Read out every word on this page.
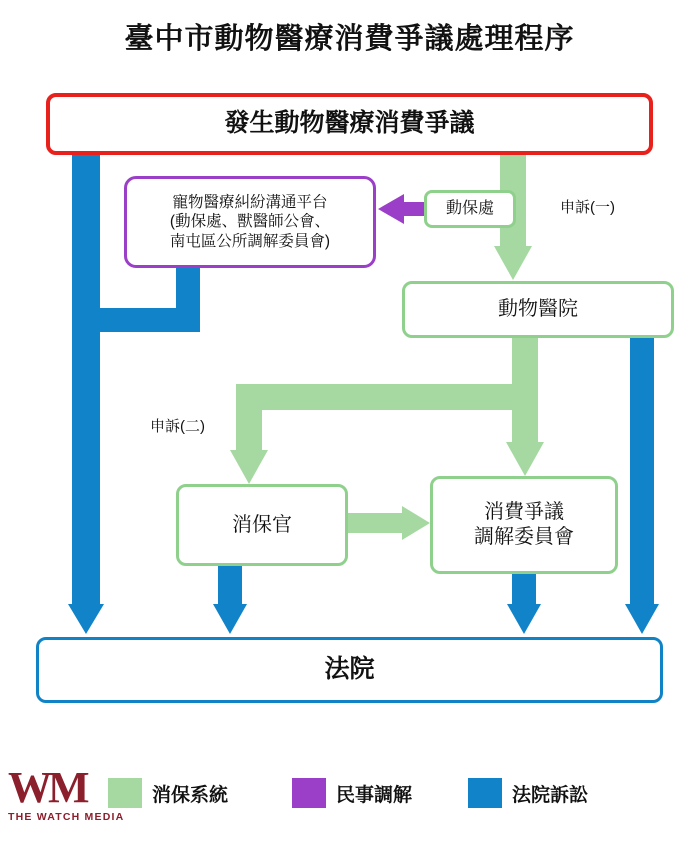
臺中市動物醫療消費爭議處理程序
發生動物醫療消費爭議
寵物醫療糾紛溝通平台
(動保處、獸醫師公會、
南屯區公所調解委員會)
動保處
動物醫院
消保官
消費爭議
調解委員會
法院
申訴(一)
申訴(二)
消保系統	民事調解	法院訴訟
WM
THE WATCH MEDIA
